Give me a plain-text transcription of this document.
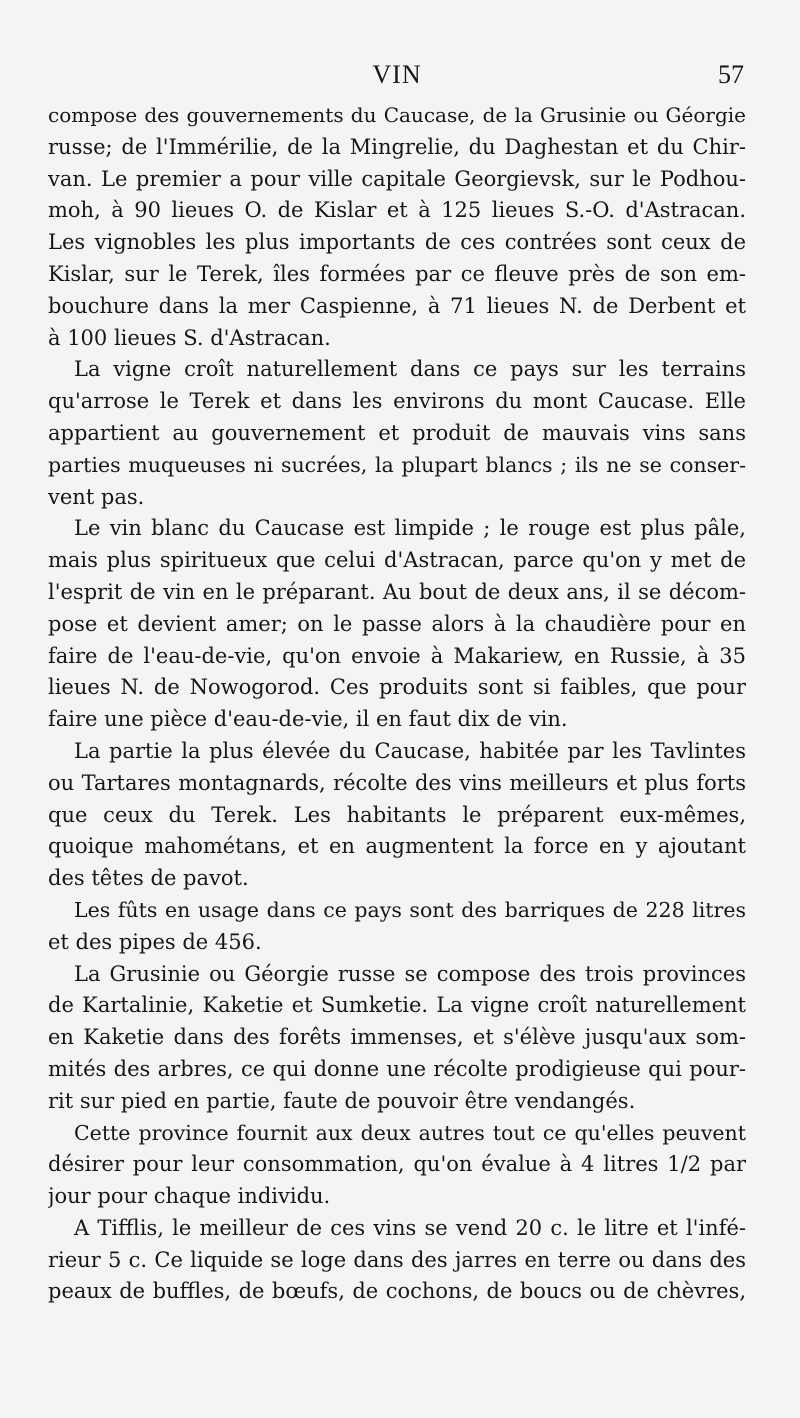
VIN	57
compose des gouvernements du Caucase, de la Grusinie ou Géorgie
russe; de l'Immérilie, de la Mingrelie, du Daghestan et du Chir-
van. Le premier a pour ville capitale Georgievsk, sur le Podhou-
moh, à 90 lieues O. de Kislar et à 125 lieues S.-O. d'Astracan.
Les vignobles les plus importants de ces contrées sont ceux de
Kislar, sur le Terek, îles formées par ce fleuve près de son em-
bouchure dans la mer Caspienne, à 71 lieues N. de Derbent et
à 100 lieues S. d'Astracan.
La vigne croît naturellement dans ce pays sur les terrains
qu'arrose le Terek et dans les environs du mont Caucase. Elle
appartient au gouvernement et produit de mauvais vins sans
parties muqueuses ni sucrées, la plupart blancs ; ils ne se conser-
vent pas.
Le vin blanc du Caucase est limpide ; le rouge est plus pâle,
mais plus spiritueux que celui d'Astracan, parce qu'on y met de
l'esprit de vin en le préparant. Au bout de deux ans, il se décom-
pose et devient amer; on le passe alors à la chaudière pour en
faire de l'eau-de-vie, qu'on envoie à Makariew, en Russie, à 35
lieues N. de Nowogorod. Ces produits sont si faibles, que pour
faire une pièce d'eau-de-vie, il en faut dix de vin.
La partie la plus élevée du Caucase, habitée par les Tavlintes
ou Tartares montagnards, récolte des vins meilleurs et plus forts
que ceux du Terek. Les habitants le préparent eux-mêmes,
quoique mahométans, et en augmentent la force en y ajoutant
des têtes de pavot.
Les fûts en usage dans ce pays sont des barriques de 228 litres
et des pipes de 456.
La Grusinie ou Géorgie russe se compose des trois provinces
de Kartalinie, Kaketie et Sumketie. La vigne croît naturellement
en Kaketie dans des forêts immenses, et s'élève jusqu'aux som-
mités des arbres, ce qui donne une récolte prodigieuse qui pour-
rit sur pied en partie, faute de pouvoir être vendangés.
Cette province fournit aux deux autres tout ce qu'elles peuvent
désirer pour leur consommation, qu'on évalue à 4 litres 1/2 par
jour pour chaque individu.
A Tifflis, le meilleur de ces vins se vend 20 c. le litre et l'infé-
rieur 5 c. Ce liquide se loge dans des jarres en terre ou dans des
peaux de buffles, de bœufs, de cochons, de boucs ou de chèvres,
